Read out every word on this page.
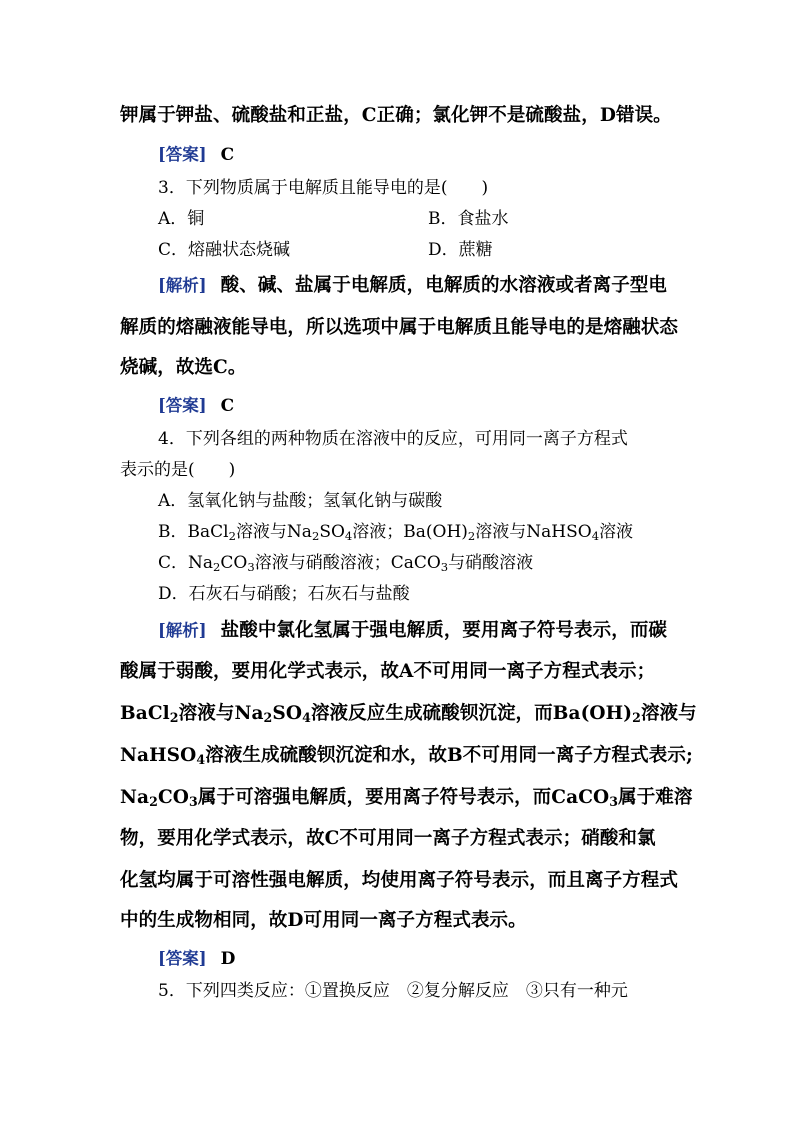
钾属于钾盐、硫酸盐和正盐，C正确；氯化钾不是硫酸盐，D错误。
[答案] C
3．下列物质属于电解质且能导电的是(　　)
A．铜	B．食盐水
C．熔融状态烧碱	D．蔗糖
[解析] 酸、碱、盐属于电解质，电解质的水溶液或者离子型电
解质的熔融液能导电，所以选项中属于电解质且能导电的是熔融状态
烧碱，故选C。
[答案] C
4．下列各组的两种物质在溶液中的反应，可用同一离子方程式
表示的是(　　)
A．氢氧化钠与盐酸；氢氧化钠与碳酸
B．BaCl$_2$溶液与$Na_2SO_4$溶液；$Ba(OH)_2$溶液与NaHSO$_4$溶液
C．$Na_2CO_3$溶液与硝酸溶液；CaCO$_3$与硝酸溶液
D．石灰石与硝酸；石灰石与盐酸
[解析] 盐酸中氯化氢属于强电解质，要用离子符号表示，而碳
酸属于弱酸，要用化学式表示，故A不可用同一离子方程式表示；
BaCl$_2$溶液与$Na_2SO_4$溶液反应生成硫酸钡沉淀，而$Ba(OH)_2$溶液与
NaHSO$_4$溶液生成硫酸钡沉淀和水，故B不可用同一离子方程式表示;
$Na_2CO_3$属于可溶强电解质，要用离子符号表示，而CaCO$_3$属于难溶
物，要用化学式表示，故C不可用同一离子方程式表示；硝酸和氯
化氢均属于可溶性强电解质，均使用离子符号表示，而且离子方程式
中的生成物相同，故D可用同一离子方程式表示。
[答案] D
5．下列四类反应：①置换反应　②复分解反应　③只有一种元
